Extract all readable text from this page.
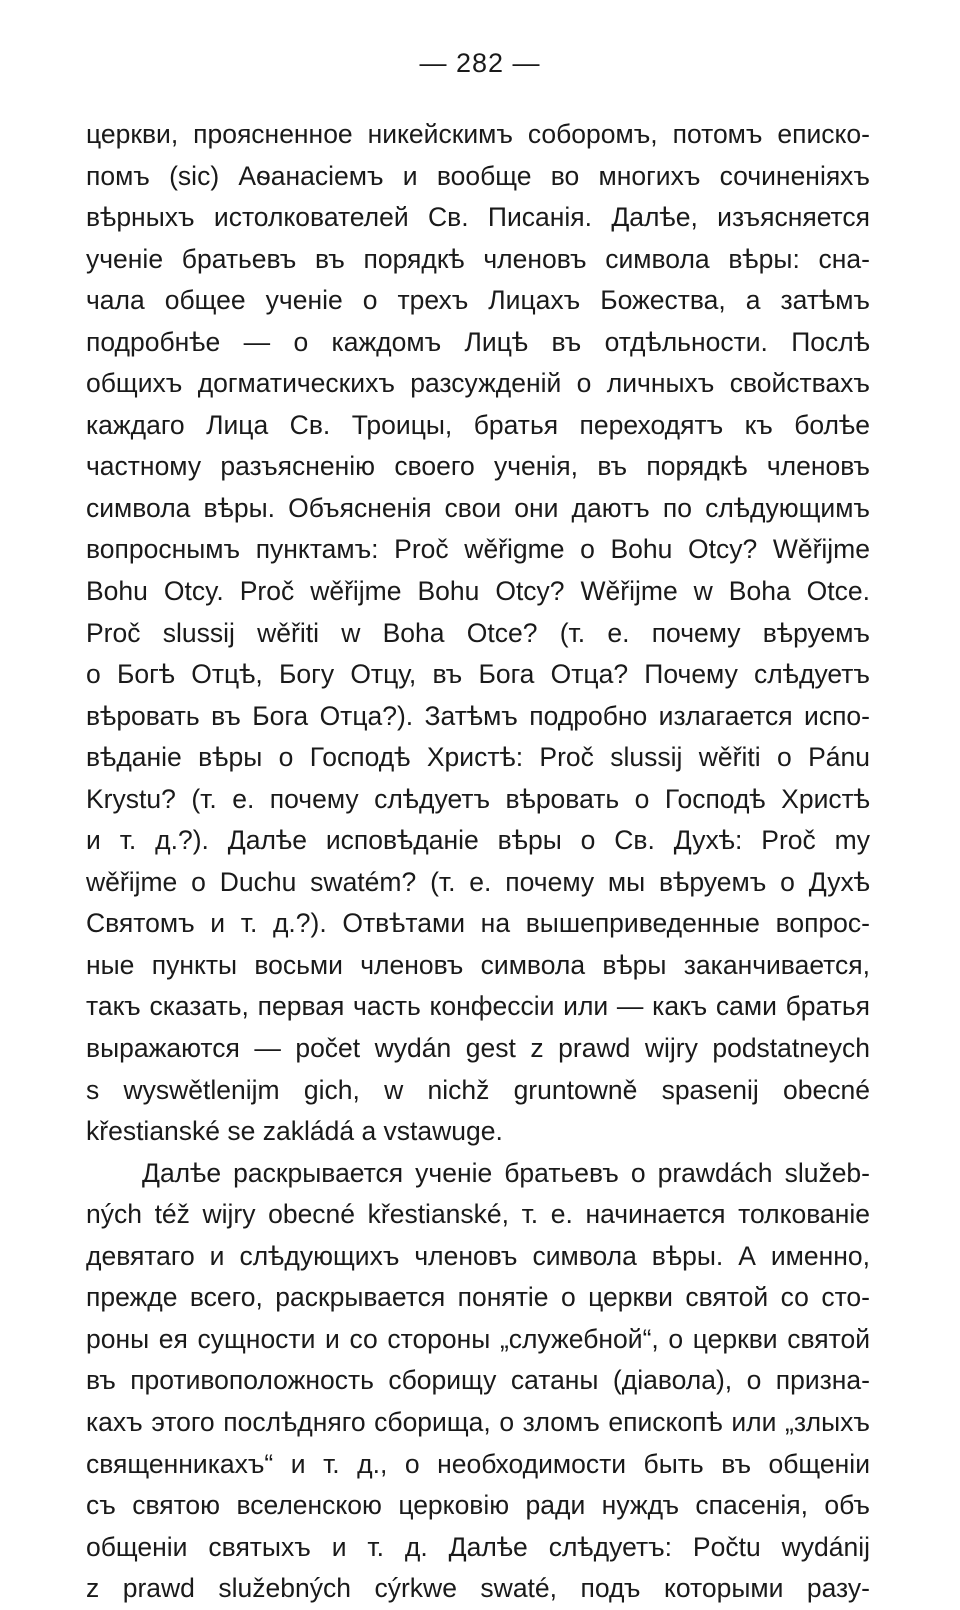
— 282 —
церкви, проясненное никейскимъ соборомъ, потомъ еписко-
помъ (sic) Аѳанасіемъ и вообще во многихъ сочиненіяхъ
вѣрныхъ истолкователей Св. Писанія. Далѣе, изъясняется
ученіе братьевъ въ порядкѣ членовъ символа вѣры: сна-
чала общее ученіе о трехъ Лицахъ Божества, а затѣмъ
подробнѣе — о каждомъ Лицѣ въ отдѣльности. Послѣ
общихъ догматическихъ разсужденій о личныхъ свойствахъ
каждаго Лица Св. Троицы, братья переходятъ къ болѣе
частному разъясненію своего ученія, въ порядкѣ членовъ
символа вѣры. Объясненія свои они даютъ по слѣдующимъ
вопроснымъ пунктамъ: Proč wěřigme o Bohu Otcy? Wěřijme
Bohu Otcy. Proč wěřijme Bohu Otcy? Wěřijme w Boha Otce.
Proč slussij wěřiti w Boha Otce? (т. е. почему вѣруемъ
о Богѣ Отцѣ, Богу Отцу, въ Бога Отца? Почему слѣдуетъ
вѣровать въ Бога Отца?). Затѣмъ подробно излагается испо-
вѣданіе вѣры о Господѣ Христѣ: Proč slussij wěřiti o Pánu
Krystu? (т. е. почему слѣдуетъ вѣровать о Господѣ Христѣ
и т. д.?). Далѣе исповѣданіе вѣры о Св. Духѣ: Proč my
wěřijme o Duchu swatém? (т. е. почему мы вѣруемъ о Духѣ
Святомъ и т. д.?). Отвѣтами на вышеприведенные вопрос-
ные пункты восьми членовъ символа вѣры заканчивается,
такъ сказать, первая часть конфессіи или — какъ сами братья
выражаются — počet wydán gest z prawd wijry podstatneych
s wyswětlenijm gich, w nichž gruntowně spasenij obecné
křestianské se zakládá a vstawuge.
Далѣе раскрывается ученіе братьевъ о prawdách služeb-
ných též wijry obecné křestianské, т. е. начинается толкованіе
девятаго и слѣдующихъ членовъ символа вѣры. А именно,
прежде всего, раскрывается понятіе о церкви святой со сто-
роны ея сущности и со стороны „служебной“, о церкви святой
въ противоположность сборищу сатаны (діавола), о призна-
кахъ этого послѣдняго сборища, о зломъ епископѣ или „злыхъ
священникахъ“ и т. д., о необходимости быть въ общеніи
съ святою вселенскою церковію ради нуждъ спасенія, объ
общеніи святыхъ и т. д. Далѣе слѣдуетъ: Počtu wydánij
z prawd služebných cýrkwe swaté, подъ которыми разу-
